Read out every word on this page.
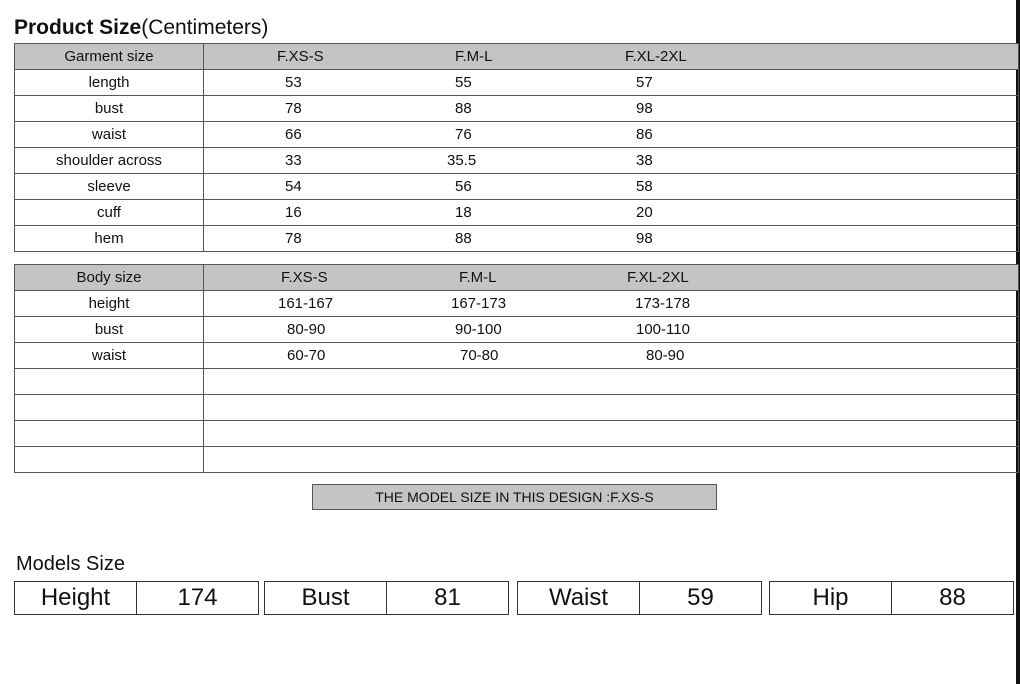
Product Size(Centimeters)
Garment size	F.XS-S F.M-L F.XL-2XL
length	53 55 57
bust	78 88 98
waist	66 76 86
shoulder across	33 35.5 38
sleeve	54 56 58
cuff	16 18 20
hem	78 88 98
Body size	F.XS-S F.M-L F.XL-2XL
height	161-167 167-173 173-178
bust	80-90 90-100 100-110
waist	60-70 70-80 80-90

THE MODEL SIZE IN THIS DESIGN :F.XS-S
Models Size
Height	174	Bust	81	Waist	59	Hip	88
